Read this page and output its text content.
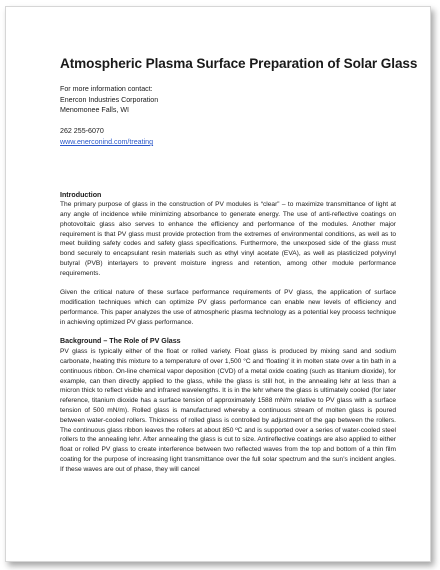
Atmospheric Plasma Surface Preparation of Solar Glass
For more information contact:
Enercon Industries Corporation
Menomonee Falls, WI
262 255-6070
www.enerconind.com/treating
Introduction

The primary purpose of glass in the construction of PV modules is “clear” – to maximize transmittance of light at any angle of incidence while minimizing absorbance to generate energy. The use of anti-reflective coatings on photovoltaic glass also serves to enhance the efficiency and performance of the modules. Another major requirement is that PV glass must provide protection from the extremes of environmental conditions, as well as to meet building safety codes and safety glass specifications. Furthermore, the unexposed side of the glass must bond securely to encapsulant resin materials such as ethyl vinyl acetate (EVA), as well as plasticized polyvinyl butyral (PVB) interlayers to prevent moisture ingress and retention, among other module performance requirements.

Given the critical nature of these surface performance requirements of PV glass, the application of surface modification techniques which can optimize PV glass performance can enable new levels of efficiency and performance. This paper analyzes the use of atmospheric plasma technology as a potential key process technique in achieving optimized PV glass performance.

Background – The Role of PV Glass

PV glass is typically either of the float or rolled variety. Float glass is produced by mixing sand and sodium carbonate, heating this mixture to a temperature of over 1,500 °C and ‘floating’ it in molten state over a tin bath in a continuous ribbon. On-line chemical vapor deposition (CVD) of a metal oxide coating (such as titanium dioxide), for example, can then directly applied to the glass, while the glass is still hot, in the annealing lehr at less than a micron thick to reflect visible and infrared wavelengths. It is in the lehr where the glass is ultimately cooled (for later reference, titanium dioxide has a surface tension of approximately 1588 mN/m relative to PV glass with a surface tension of 500 mN/m). Rolled glass is manufactured whereby a continuous stream of molten glass is poured between water-cooled rollers. Thickness of rolled glass is controlled by adjustment of the gap between the rollers. The continuous glass ribbon leaves the rollers at about 850 ºC and is supported over a series of water-cooled steel rollers to the annealing lehr. After annealing the glass is cut to size. Antireflective coatings are also applied to either float or rolled PV glass to create interference between two reflected waves from the top and bottom of a thin film coating for the purpose of increasing light transmittance over the full solar spectrum and the sun’s incident angles. If these waves are out of phase, they will cancel
